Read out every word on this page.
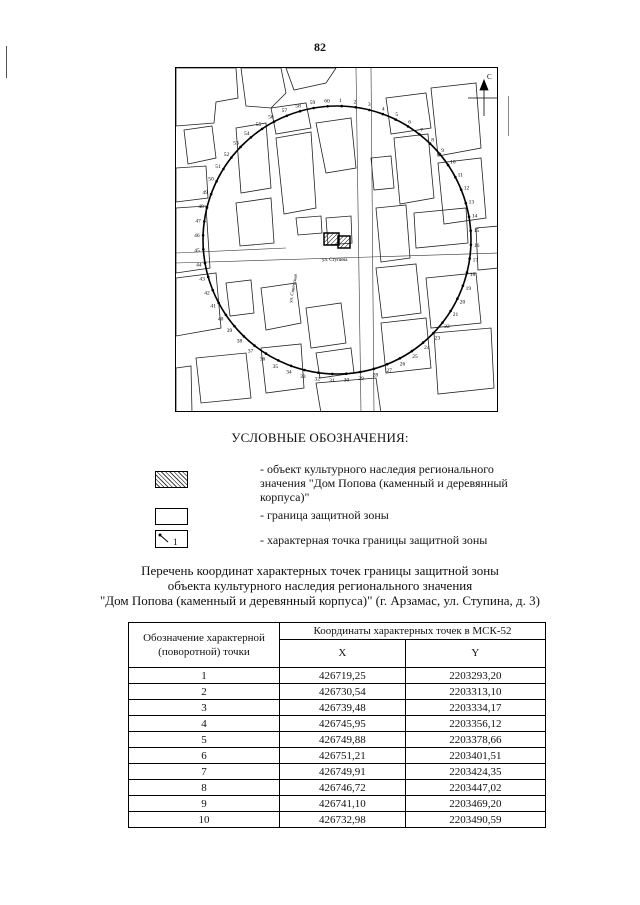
82
С
ул. Ступина
ул. Советская
1 2 3
4
5
6
7
8
9
10
11
12
13
14
15
16
17
18
19
20
21
22
23
24
25
26
27
28
29
30
31
32
33
34
35
36
37
38
39
40
41
42
43
44
45
46
47
48
49
50
51
52
53
54
55
56
57
58
59 60
УСЛОВНЫЕ ОБОЗНАЧЕНИЯ:
- объект культурного наследия регионального значения "Дом Попова (каменный и деревянный корпуса)"
- граница защитной зоны
1	- характерная точка границы защитной зоны
Перечень координат характерных точек границы защитной зоны
объекта культурного наследия регионального значения
"Дом Попова (каменный и деревянный корпуса)" (г. Арзамас, ул. Ступина, д. 3)
Обозначение характерной (поворотной) точки	Координаты характерных точек в МСК-52	
	X	Y
1	426719,25	2203293,20
2	426730,54	2203313,10
3	426739,48	2203334,17
4	426745,95	2203356,12
5	426749,88	2203378,66
6	426751,21	2203401,51
7	426749,91	2203424,35
8	426746,72	2203447,02
9	426741,10	2203469,20
10	426732,98	2203490,59
